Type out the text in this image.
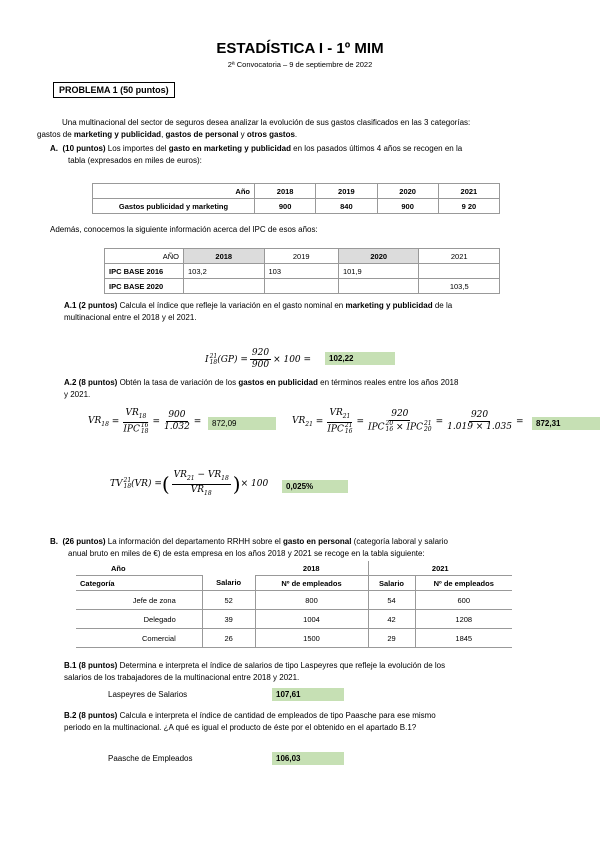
ESTADÍSTICA I - 1º MIM
2ª Convocatoria – 9 de septiembre de 2022
PROBLEMA 1 (50 puntos)
Una multinacional del sector de seguros desea analizar la evolución de sus gastos clasificados en las 3 categorías:
gastos de marketing y publicidad, gastos de personal y otros gastos.
A. (10 puntos) Los importes del gasto en marketing y publicidad en los pasados últimos 4 años se recogen en la
tabla (expresados en miles de euros):
Año	2018	2019	2020	2021
Gastos publicidad y marketing	900	840	900	9 20
Además, conocemos la siguiente información acerca del IPC de esos años:
AÑO	2018	2019	2020	2021
IPC BASE 2016	103,2	103	101,9	
IPC BASE 2020				103,5
A.1 (2 puntos) Calcula el índice que refleje la variación en el gasto nominal en marketing y publicidad de la
multinacional entre el 2018 y el 2021.
I 21
18 $(GP) = \frac{920}{900} \times 100$ =	102,22
A.2 (8 puntos) Obtén la tasa de variación de los gastos en publicidad en términos reales entre los años 2018
y 2021.
$VR_{18}$
= $VR_{18}$
IPC 16
$18 = \frac{900}{1.032}$ =	872,09	$VR_{21}$
= $VR_{21}$
IPC 21
16 = 920
IPC 20
16 × IPC 21
$20 = \frac{920}{1.019 \times 1.035}$ =	872,31
TV 21
18 (VR) = ( $\frac{VR_{21} - VR_{18}}{VR_{18}}$ ) × 100	0,025%
B. (26 puntos) La información del departamento RRHH sobre el gasto en personal (categoría laboral y salario
anual bruto en miles de €) de esta empresa en los años 2018 y 2021 se recoge en la tabla siguiente:
Año		2018	2021	
Categoría	Salario	Nº de empleados	Salario	Nº de empleados
Jefe de zona	52	800	54	600
Delegado	39	1004	42	1208
Comercial	26	1500	29	1845
B.1 (8 puntos) Determina e interpreta el índice de salarios de tipo Laspeyres que refleje la evolución de los
salarios de los trabajadores de la multinacional entre 2018 y 2021.
Laspeyres de Salarios	107,61
B.2 (8 puntos) Calcula e interpreta el índice de cantidad de empleados de tipo Paasche para ese mismo
periodo en la multinacional. ¿A qué es igual el producto de éste por el obtenido en el apartado B.1?
Paasche de Empleados	106,03
